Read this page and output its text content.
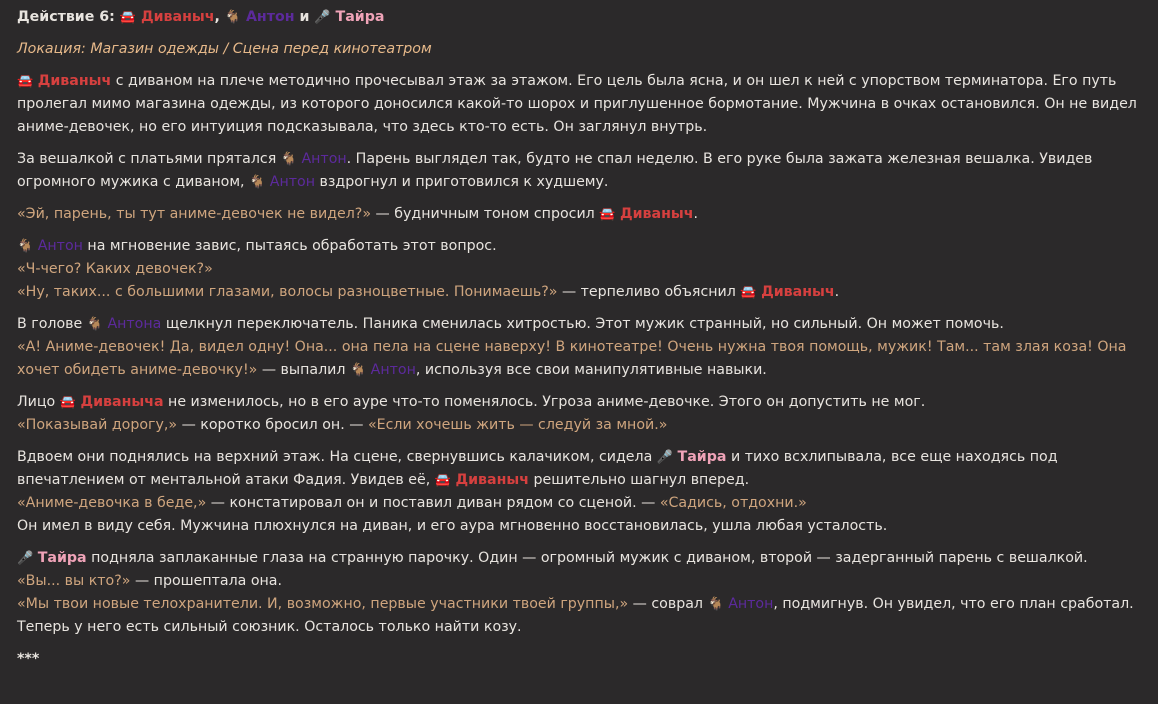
Действие 6: 🚘 Диваныч, 🐐 Антон и 🎤 Тайра
Локация: Магазин одежды / Сцена перед кинотеатром
🚘 Диваныч с диваном на плече методично прочесывал этаж за этажом. Его цель была ясна, и он шел к ней с упорством терминатора. Его путь пролегал мимо магазина одежды, из которого доносился какой-то шорох и приглушенное бормотание. Мужчина в очках остановился. Он не видел аниме-девочек, но его интуиция подсказывала, что здесь кто-то есть. Он заглянул внутрь.
За вешалкой с платьями прятался 🐐 Антон. Парень выглядел так, будто не спал неделю. В его руке была зажата железная вешалка. Увидев огромного мужика с диваном, 🐐 Антон вздрогнул и приготовился к худшему.
«Эй, парень, ты тут аниме-девочек не видел?» — будничным тоном спросил 🚘 Диваныч.
🐐 Антон на мгновение завис, пытаясь обработать этот вопрос.
«Ч-чего? Каких девочек?»
«Ну, таких... с большими глазами, волосы разноцветные. Понимаешь?» — терпеливо объяснил 🚘 Диваныч.
В голове 🐐 Антона щелкнул переключатель. Паника сменилась хитростью. Этот мужик странный, но сильный. Он может помочь.
«А! Аниме-девочек! Да, видел одну! Она... она пела на сцене наверху! В кинотеатре! Очень нужна твоя помощь, мужик! Там... там злая коза! Она хочет обидеть аниме-девочку!» — выпалил 🐐 Антон, используя все свои манипулятивные навыки.
Лицо 🚘 Диваныча не изменилось, но в его ауре что-то поменялось. Угроза аниме-девочке. Этого он допустить не мог.
«Показывай дорогу,» — коротко бросил он. — «Если хочешь жить — следуй за мной.»
Вдвоем они поднялись на верхний этаж. На сцене, свернувшись калачиком, сидела 🎤 Тайра и тихо всхлипывала, все еще находясь под впечатлением от ментальной атаки Фадия. Увидев её, 🚘 Диваныч решительно шагнул вперед.
«Аниме-девочка в беде,» — констатировал он и поставил диван рядом со сценой. — «Садись, отдохни.»
Он имел в виду себя. Мужчина плюхнулся на диван, и его аура мгновенно восстановилась, ушла любая усталость.
🎤 Тайра подняла заплаканные глаза на странную парочку. Один — огромный мужик с диваном, второй — задерганный парень с вешалкой.
«Вы... вы кто?» — прошептала она.
«Мы твои новые телохранители. И, возможно, первые участники твоей группы,» — соврал 🐐 Антон, подмигнув. Он увидел, что его план сработал. Теперь у него есть сильный союзник. Осталось только найти козу.
***
